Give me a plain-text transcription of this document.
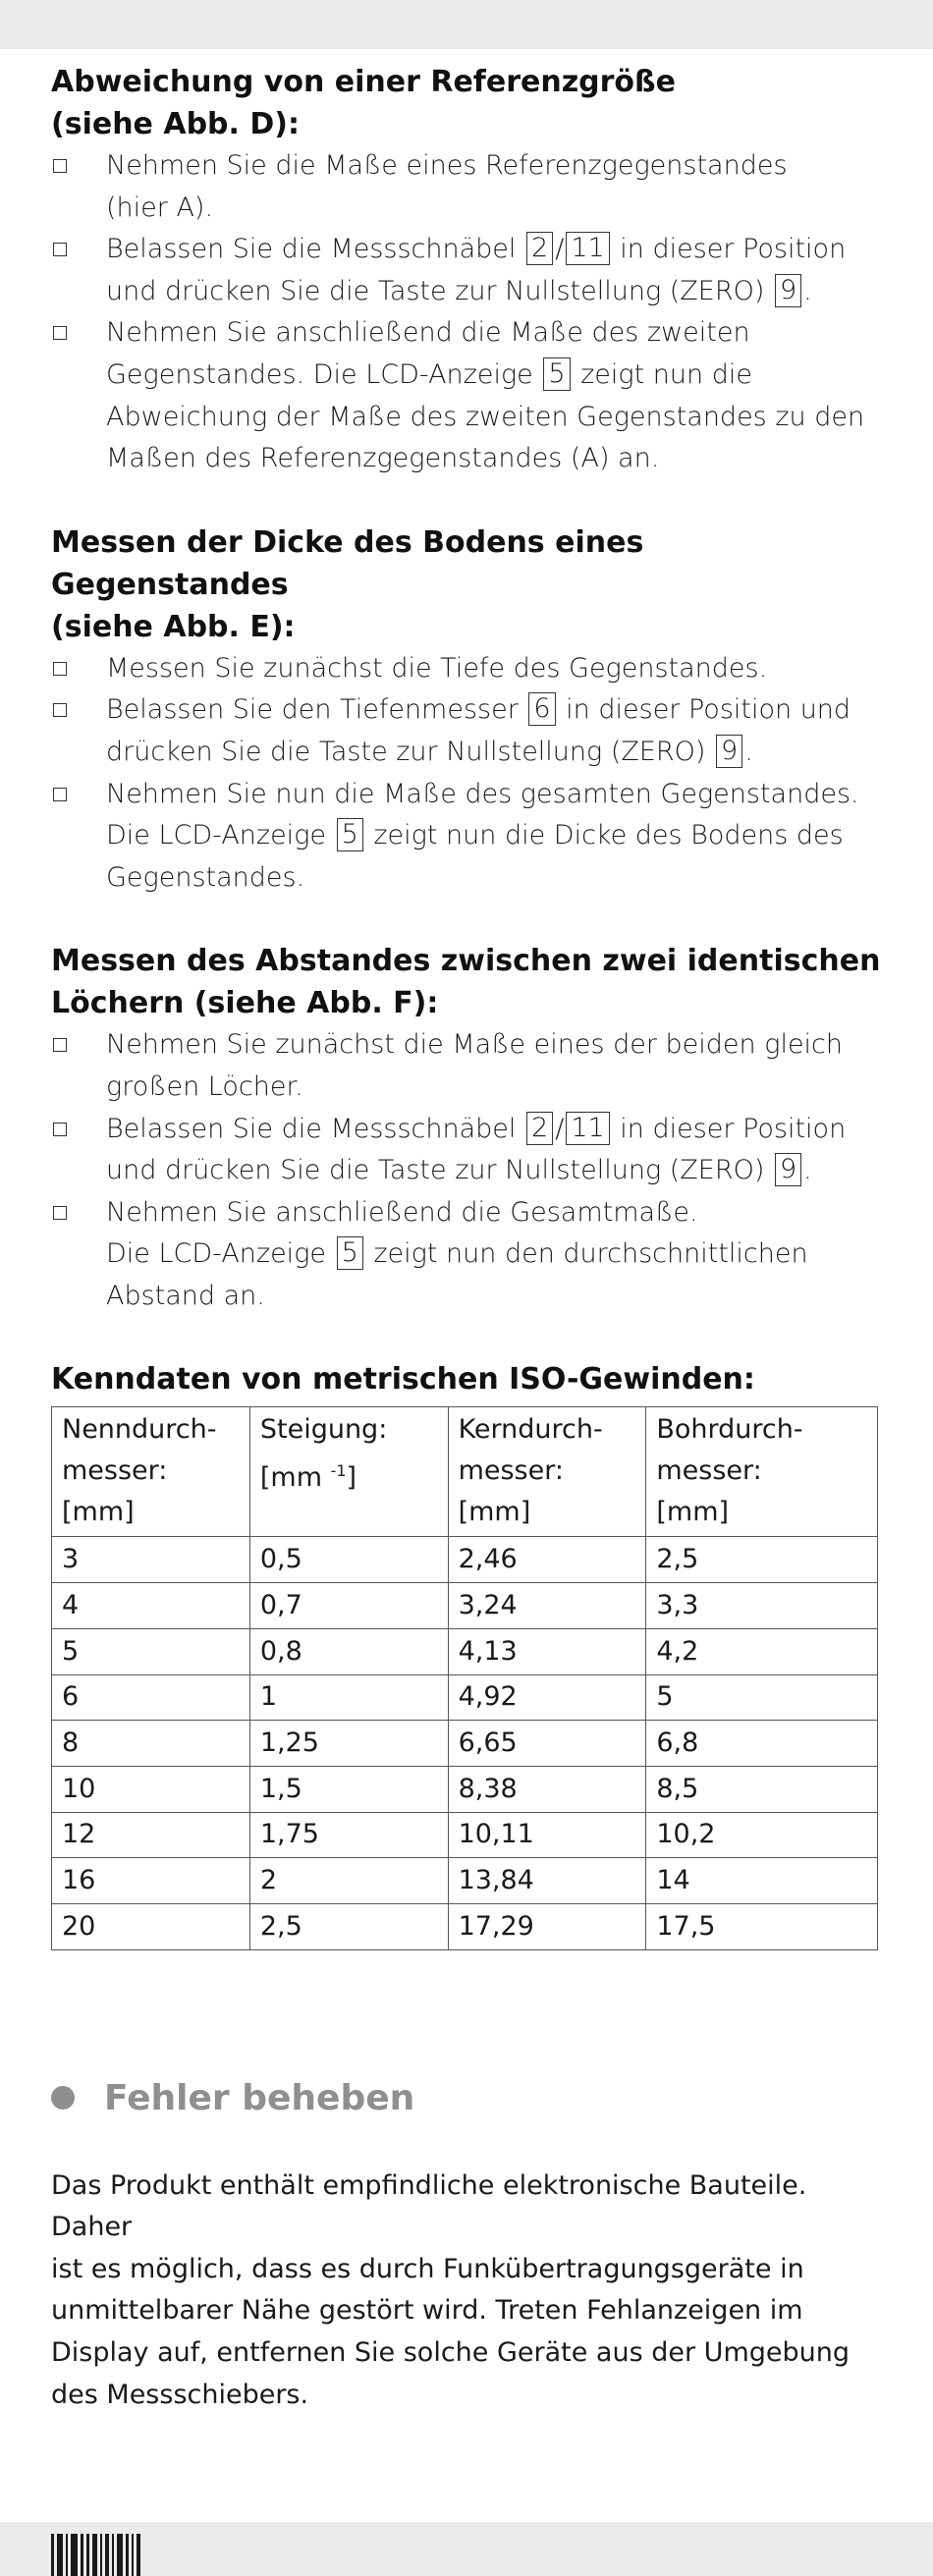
Abweichung von einer Referenzgröße
(siehe Abb. D):
Nehmen Sie die Maße eines Referenzgegenstandes
(hier A).
Belassen Sie die Messschnäbel 2 / 11 in dieser Position
und drücken Sie die Taste zur Nullstellung (ZERO) 9 .
Nehmen Sie anschließend die Maße des zweiten
Gegenstandes. Die LCD-Anzeige 5 zeigt nun die
Abweichung der Maße des zweiten Gegenstandes zu den
Maßen des Referenzgegenstandes (A) an.
Messen der Dicke des Bodens eines Gegenstandes
(siehe Abb. E):
Messen Sie zunächst die Tiefe des Gegenstandes.
Belassen Sie den Tiefenmesser 6 in dieser Position und
drücken Sie die Taste zur Nullstellung (ZERO) 9 .
Nehmen Sie nun die Maße des gesamten Gegenstandes.
Die LCD-Anzeige 5 zeigt nun die Dicke des Bodens des
Gegenstandes.
Messen des Abstandes zwischen zwei identischen
Löchern (siehe Abb. F):
Nehmen Sie zunächst die Maße eines der beiden gleich
großen Löcher.
Belassen Sie die Messschnäbel 2 / 11 in dieser Position
und drücken Sie die Taste zur Nullstellung (ZERO) 9 .
Nehmen Sie anschließend die Gesamtmaße.
Die LCD-Anzeige 5 zeigt nun den durchschnittlichen
Abstand an.
Kenndaten von metrischen ISO-Gewinden:
Nenndurch-
messer:
[mm]	Steigung:
[mm $^{-1}$]	Kerndurch-
messer:
[mm]	Bohrdurch-
messer:
[mm]
3	0,5	2,46	2,5
4	0,7	3,24	3,3
5	0,8	4,13	4,2
6	1	4,92	5
8	1,25	6,65	6,8
10	1,5	8,38	8,5
12	1,75	10,11	10,2
16	2	13,84	14
20	2,5	17,29	17,5
Fehler beheben
Das Produkt enthält empfindliche elektronische Bauteile. Daher
ist es möglich, dass es durch Funkübertragungsgeräte in
unmittelbarer Nähe gestört wird. Treten Fehlanzeigen im
Display auf, entfernen Sie solche Geräte aus der Umgebung
des Messschiebers.
